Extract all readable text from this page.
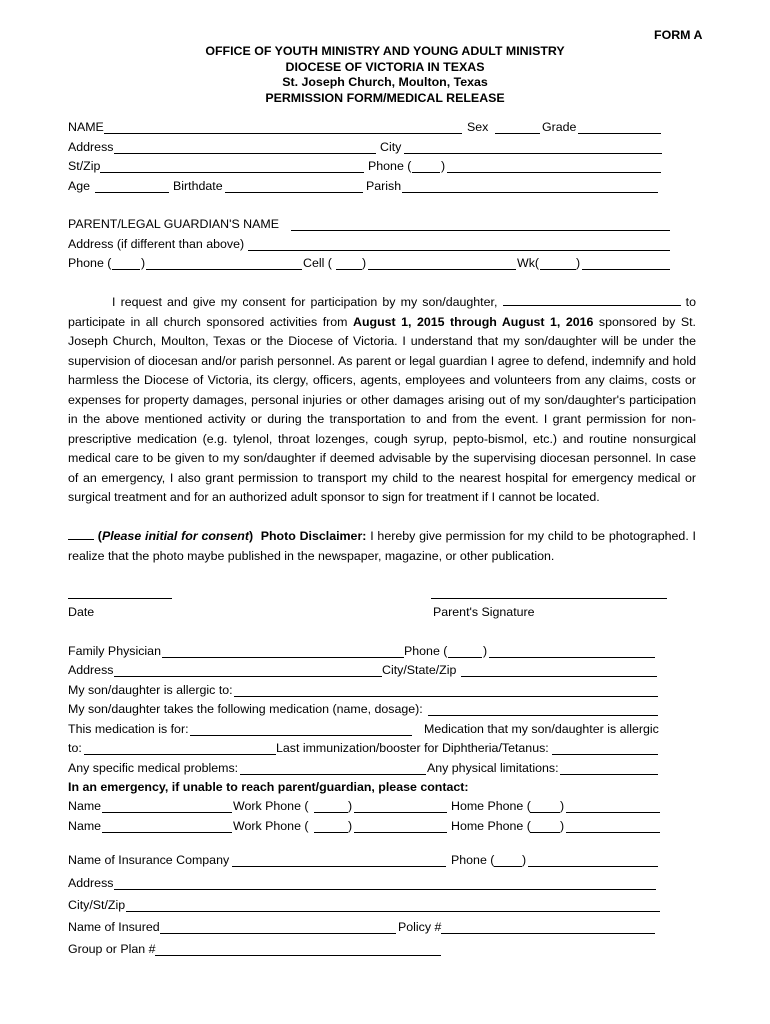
FORM A
OFFICE OF YOUTH MINISTRY AND YOUNG ADULT MINISTRY
DIOCESE OF VICTORIA IN TEXAS
St. Joseph Church, Moulton, Texas
PERMISSION FORM/MEDICAL RELEASE
NAME	Sex	Grade
Address	City
St/Zip	Phone ( )
Age	Birthdate	Parish
PARENT/LEGAL GUARDIAN'S NAME
Address (if different than above)
Phone ( )	Cell ( )	Wk(	)
I request and give my consent for participation by my son/daughter,	to participate in all church sponsored activities from August 1, 2015 through August 1, 2016 sponsored by St. Joseph Church, Moulton, Texas or the Diocese of Victoria. I understand that my son/daughter will be under the supervision of diocesan and/or parish personnel. As parent or legal guardian I agree to defend, indemnify and hold harmless the Diocese of Victoria, its clergy, officers, agents, employees and volunteers from any claims, costs or expenses for property damages, personal injuries or other damages arising out of my son/daughter's participation in the above mentioned activity or during the transportation to and from the event. I grant permission for non-prescriptive medication (e.g. tylenol, throat lozenges, cough syrup, pepto-bismol, etc.) and routine nonsurgical medical care to be given to my son/daughter if deemed advisable by the supervising diocesan personnel. In case of an emergency, I also grant permission to transport my child to the nearest hospital for emergency medical or surgical treatment and for an authorized adult sponsor to sign for treatment if I cannot be located.
(Please initial for consent) Photo Disclaimer: I hereby give permission for my child to be photographed. I realize that the photo maybe published in the newspaper, magazine, or other publication.
Date	Parent's Signature
Family Physician	Phone (	)
Address	City/State/Zip
My son/daughter is allergic to:
My son/daughter takes the following medication (name, dosage):
This medication is for:	Medication that my son/daughter is allergic
to:	Last immunization/booster for Diphtheria/Tetanus:
Any specific medical problems:	Any physical limitations:
In an emergency, if unable to reach parent/guardian, please contact:
Name	Work Phone (	)	Home Phone ( )
Name	Work Phone (	)	Home Phone ( )
Name of Insurance Company	Phone ( )
Address
City/St/Zip
Name of Insured	Policy #
Group or Plan #
